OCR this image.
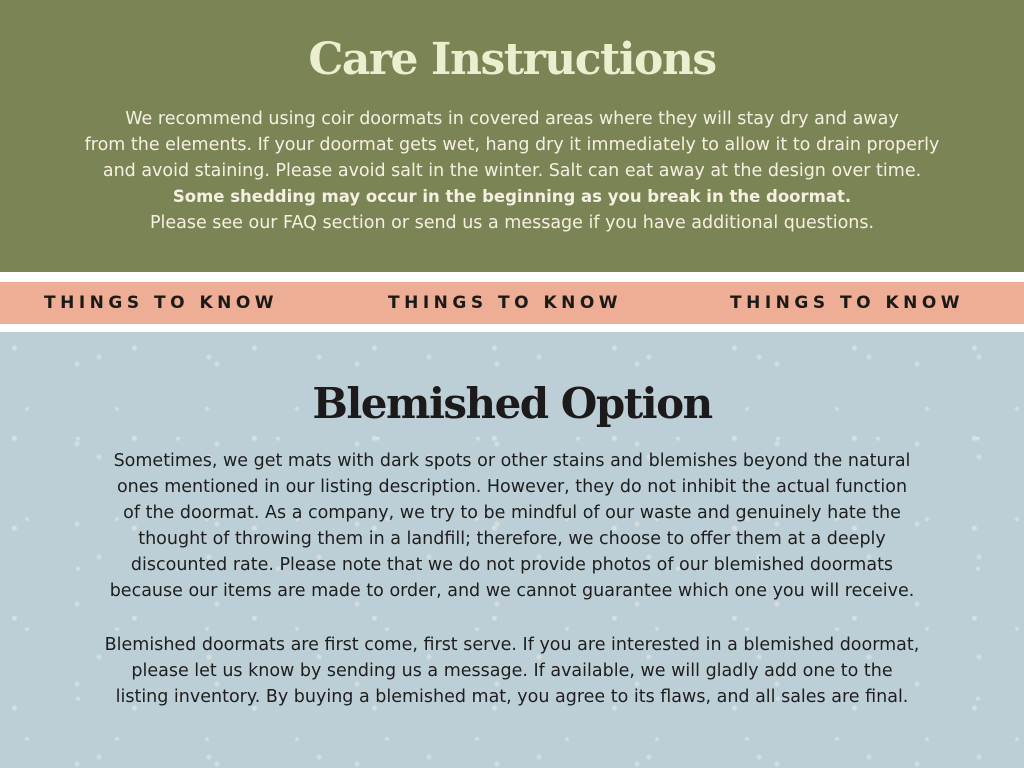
Care Instructions
We recommend using coir doormats in covered areas where they will stay dry and away
from the elements. If your doormat gets wet, hang dry it immediately to allow it to drain properly
and avoid staining. Please avoid salt in the winter. Salt can eat away at the design over time.
Some shedding may occur in the beginning as you break in the doormat.
Please see our FAQ section or send us a message if you have additional questions.
THINGS TO KNOW	THINGS TO KNOW	THINGS TO KNOW
Blemished Option
Sometimes, we get mats with dark spots or other stains and blemishes beyond the natural
ones mentioned in our listing description. However, they do not inhibit the actual function
of the doormat. As a company, we try to be mindful of our waste and genuinely hate the
thought of throwing them in a landfill; therefore, we choose to offer them at a deeply
discounted rate. Please note that we do not provide photos of our blemished doormats
because our items are made to order, and we cannot guarantee which one you will receive.
Blemished doormats are first come, first serve. If you are interested in a blemished doormat,
please let us know by sending us a message. If available, we will gladly add one to the
listing inventory. By buying a blemished mat, you agree to its flaws, and all sales are final.
